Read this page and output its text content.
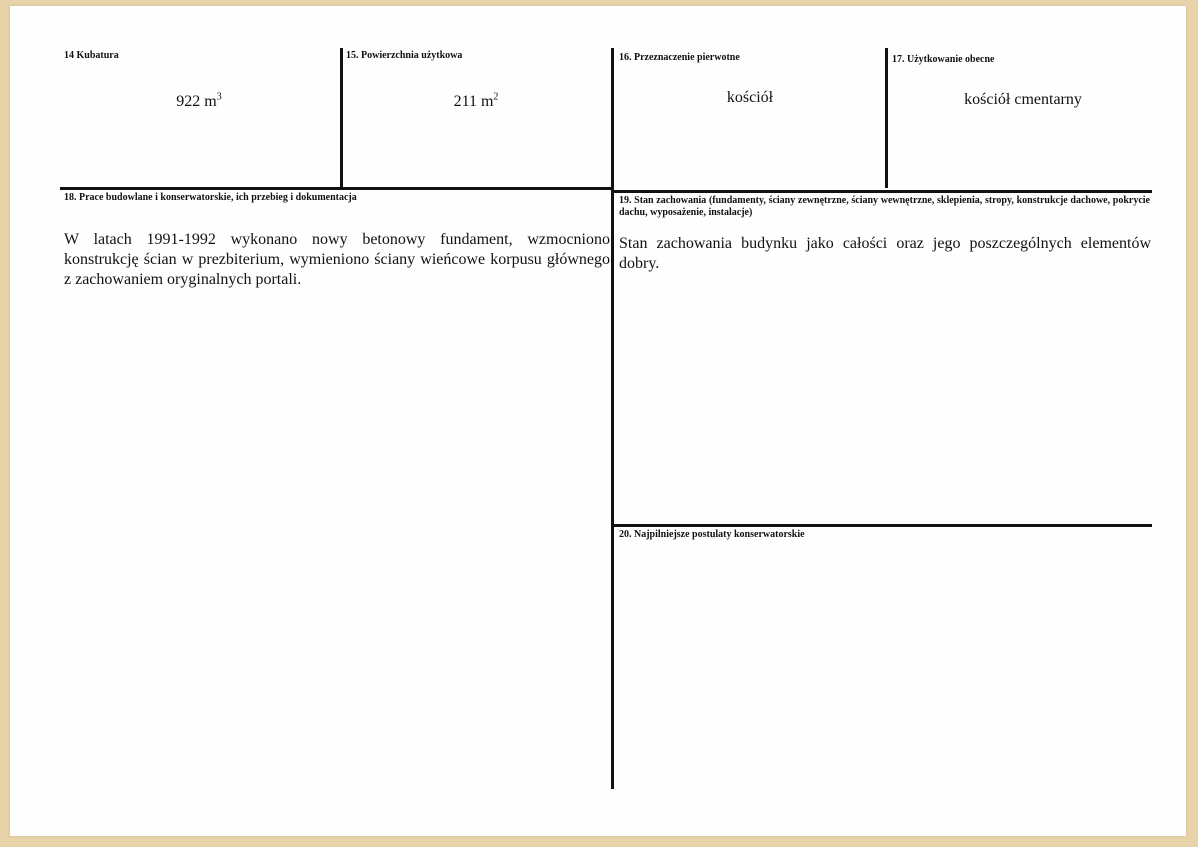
14 Kubatura
922 $m^3$
15. Powierzchnia użytkowa
211 $m^2$
16. Przeznaczenie pierwotne
kościół
17. Użytkowanie obecne
kościół cmentarny
18. Prace budowlane i konserwatorskie, ich przebieg i dokumentacja
W latach 1991-1992 wykonano nowy betonowy fundament, wzmocniono konstrukcję ścian w prezbiterium, wymieniono ściany wieńcowe korpusu głównego z zachowaniem oryginalnych portali.
19. Stan zachowania (fundamenty, ściany zewnętrzne, ściany wewnętrzne, sklepienia, stropy, konstrukcje dachowe, pokrycie dachu, wyposażenie, instalacje)
Stan zachowania budynku jako całości oraz jego poszczególnych elementów dobry.
20. Najpilniejsze postulaty konserwatorskie
